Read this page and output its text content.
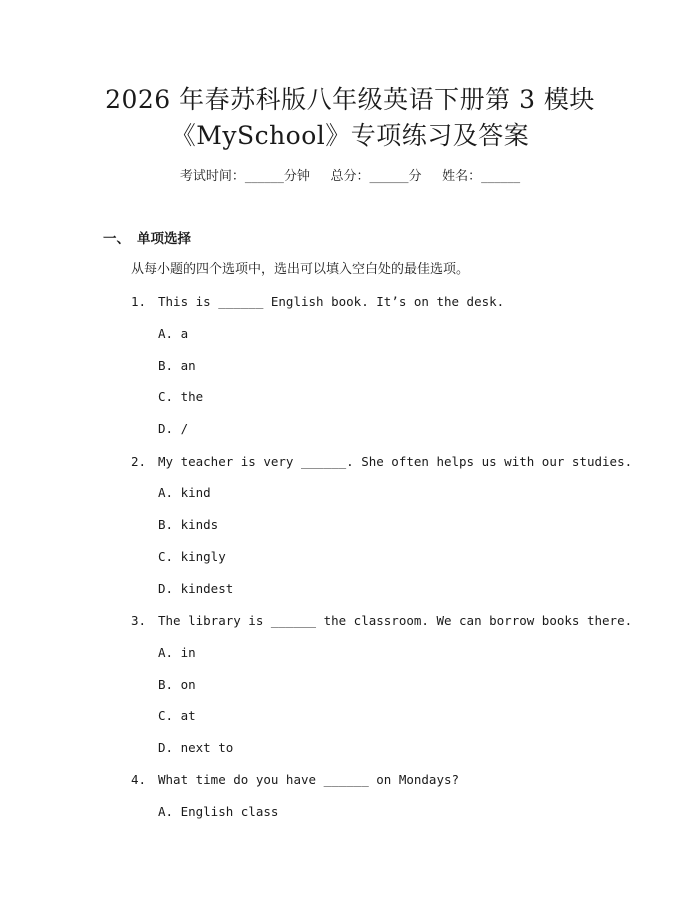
2026 年春苏科版八年级英语下册第 3 模块
《MySchool》专项练习及答案
考试时间：______分钟     总分：______分     姓名：______
一、 单项选择
从每小题的四个选项中，选出可以填入空白处的最佳选项。
1. This is ______ English book. It’s on the desk.
A. a
B. an
C. the
D. /
2. My teacher is very ______. She often helps us with our studies.
A. kind
B. kinds
C. kingly
D. kindest
3. The library is ______ the classroom. We can borrow books there.
A. in
B. on
C. at
D. next to
4. What time do you have ______ on Mondays?
A. English class
